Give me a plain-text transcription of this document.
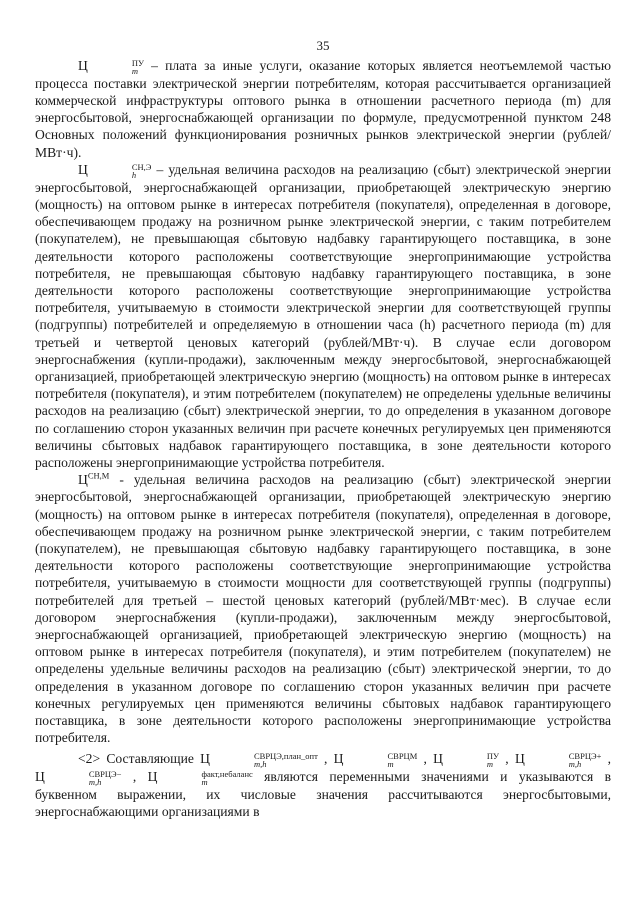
35

Ц	ПУ
m – плата за иные услуги, оказание которых является неотъемлемой частью процесса поставки электрической энергии потребителям, которая рассчитывается организацией коммерческой инфраструктуры оптового рынка в отношении расчетного периода (m) для энергосбытовой, энергоснабжающей организации по формуле, предусмотренной пунктом 248 Основных положений функционирования розничных рынков электрической энергии (рублей/МВт·ч).

Ц	СН,Э
h	– удельная величина расходов на реализацию (сбыт) электрической энергии энергосбытовой, энергоснабжающей организации, приобретающей электрическую энергию (мощность) на оптовом рынке в интересах потребителя (покупателя), определенная в договоре, обеспечивающем продажу на розничном рынке электрической энергии, с таким потребителем (покупателем), не превышающая сбытовую надбавку гарантирующего поставщика, в зоне деятельности которого расположены соответствующие энергопринимающие устройства потребителя, не превышающая сбытовую надбавку гарантирующего поставщика, в зоне деятельности которого расположены соответствующие энергопринимающие устройства потребителя, учитываемую в стоимости электрической энергии для соответствующей группы (подгруппы) потребителей и определяемую в отношении часа (h) расчетного периода (m) для третьей и четвертой ценовых категорий (рублей/МВт·ч). В случае если договором энергоснабжения (купли-продажи), заключенным между энергосбытовой, энергоснабжающей организацией, приобретающей электрическую энергию (мощность) на оптовом рынке в интересах потребителя (покупателя), и этим потребителем (покупателем) не определены удельные величины расходов на реализацию (сбыт) электрической энергии, то до определения в указанном договоре по соглашению сторон указанных величин при расчете конечных регулируемых цен применяются величины сбытовых надбавок гарантирующего поставщика, в зоне деятельности которого расположены энергопринимающие устройства потребителя.

$Ц^{СН,М}$ - удельная величина расходов на реализацию (сбыт) электрической энергии энергосбытовой, энергоснабжающей организации, приобретающей электрическую энергию (мощность) на оптовом рынке в интересах потребителя (покупателя), определенная в договоре, обеспечивающем продажу на розничном рынке электрической энергии, с таким потребителем (покупателем), не превышающая сбытовую надбавку гарантирующего поставщика, в зоне деятельности которого расположены соответствующие энергопринимающие устройства потребителя, учитываемую в стоимости мощности для соответствующей группы (подгруппы) потребителей для третьей – шестой ценовых категорий (рублей/МВт·мес). В случае если договором энергоснабжения (купли-продажи), заключенным между энергосбытовой, энергоснабжающей организацией, приобретающей электрическую энергию (мощность) на оптовом рынке в интересах потребителя (покупателя), и этим потребителем (покупателем) не определены удельные величины расходов на реализацию (сбыт) электрической энергии, то до определения в указанном договоре по соглашению сторон указанных величин при расчете конечных регулируемых цен применяются величины сбытовых надбавок гарантирующего поставщика, в зоне деятельности которого расположены энергопринимающие устройства потребителя.

<2> Составляющие Ц	СВРЦЭ,план_опт
m,h	, Ц	СВРЦМ
m	, Ц	ПУ
m , Ц	СВРЦЭ+
m,h	, Ц	СВРЦЭ−
m,h	, Ц	факт,небаланс
m	являются переменными значениями и указываются в буквенном выражении, их числовые значения рассчитываются энергосбытовыми, энергоснабжающими организациями в
